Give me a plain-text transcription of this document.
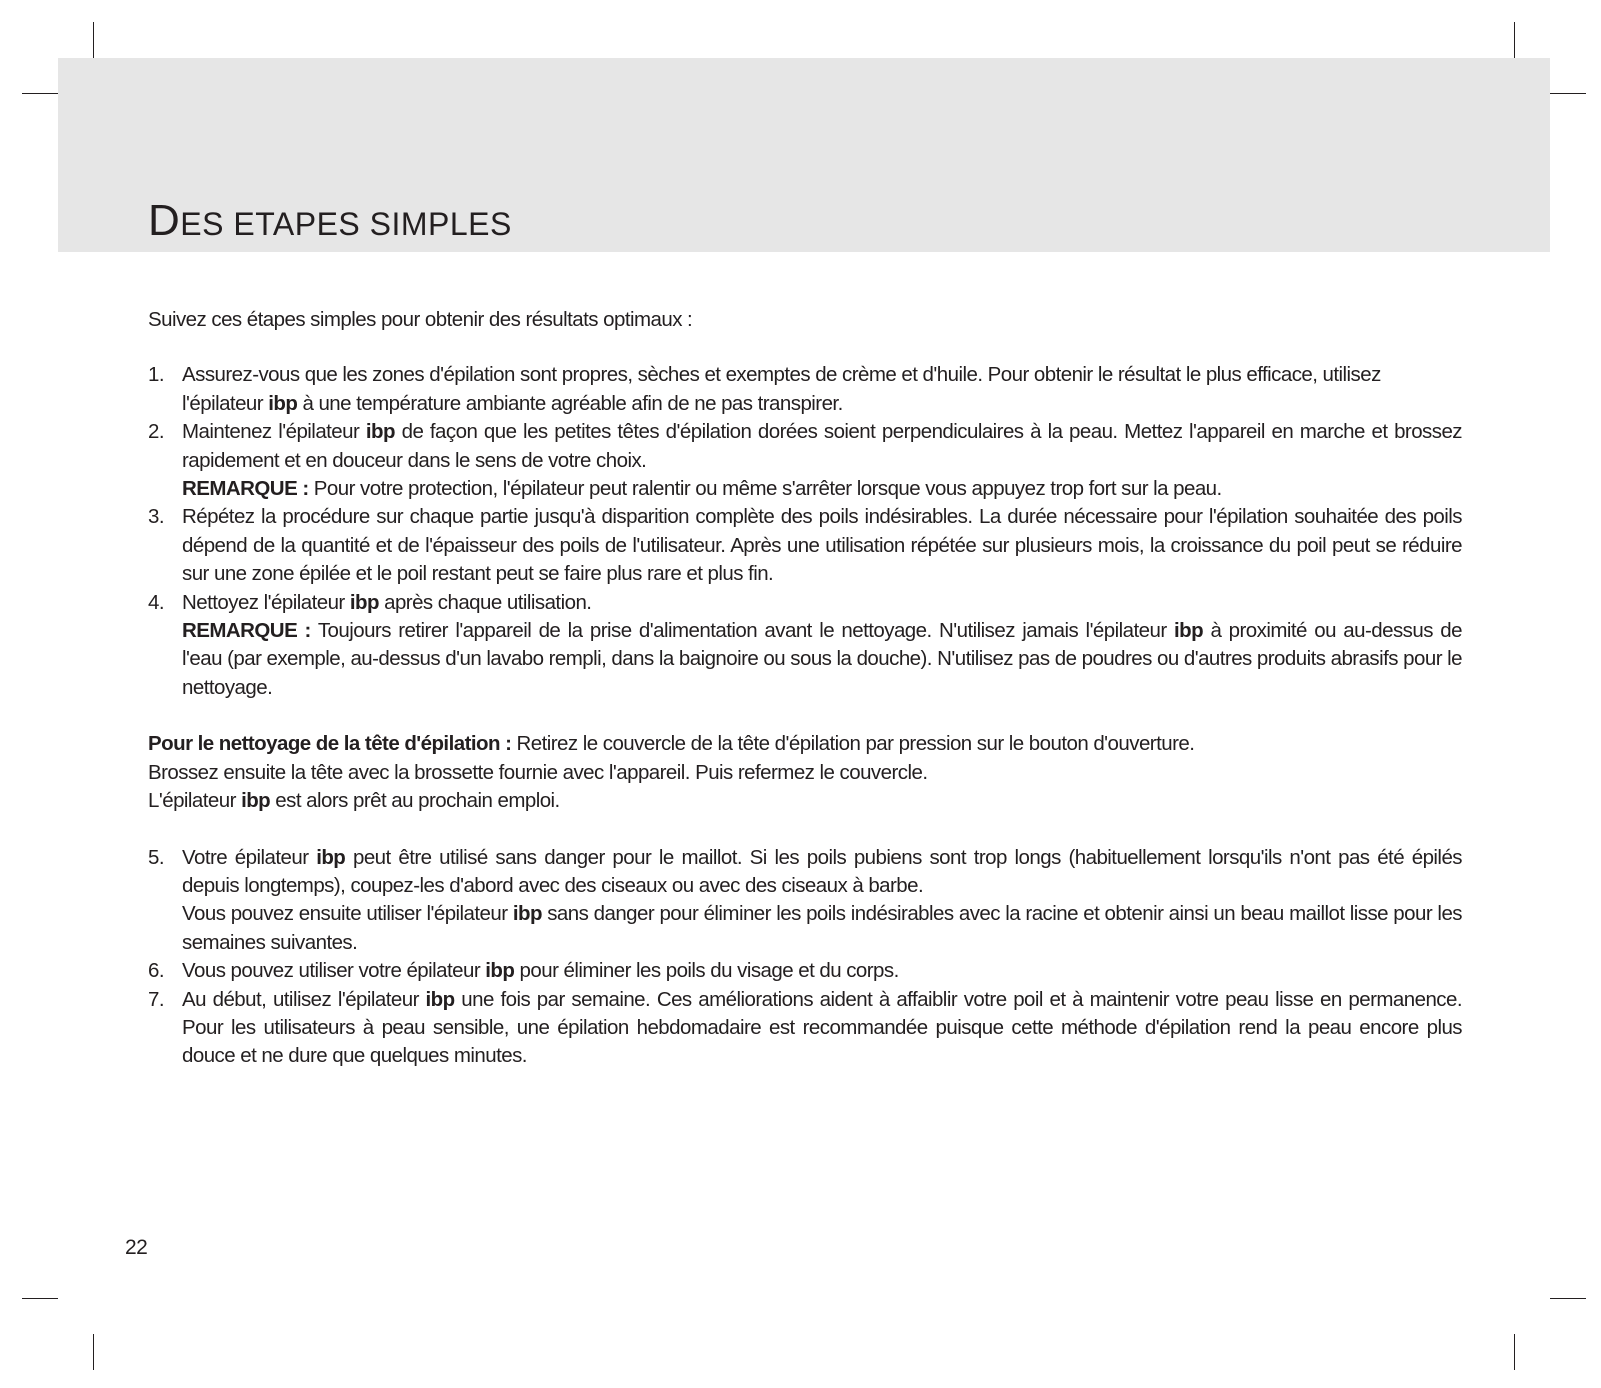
DES ETAPES SIMPLES

Suivez ces étapes simples pour obtenir des résultats optimaux :

1. Assurez-vous que les zones d'épilation sont propres, sèches et exemptes de crème et d'huile. Pour obtenir le résultat le plus efficace, utilisez l'épilateur ibp à une température ambiante agréable afin de ne pas transpirer.
2. Maintenez l'épilateur ibp de façon que les petites têtes d'épilation dorées soient perpendiculaires à la peau. Mettez l'appareil en marche et brossez rapidement et en douceur dans le sens de votre choix.
REMARQUE : Pour votre protection, l'épilateur peut ralentir ou même s'arrêter lorsque vous appuyez trop fort sur la peau.
3. Répétez la procédure sur chaque partie jusqu'à disparition complète des poils indésirables. La durée nécessaire pour l'épilation souhaitée des poils dépend de la quantité et de l'épaisseur des poils de l'utilisateur. Après une utilisation répétée sur plusieurs mois, la croissance du poil peut se réduire sur une zone épilée et le poil restant peut se faire plus rare et plus fin.
4. Nettoyez l'épilateur ibp après chaque utilisation.
REMARQUE : Toujours retirer l'appareil de la prise d'alimentation avant le nettoyage. N'utilisez jamais l'épilateur ibp à proximité ou au-dessus de l'eau (par exemple, au-dessus d'un lavabo rempli, dans la baignoire ou sous la douche). N'utilisez pas de poudres ou d'autres produits abrasifs pour le nettoyage.

Pour le nettoyage de la tête d'épilation : Retirez le couvercle de la tête d'épilation par pression sur le bouton d'ouverture.

Brossez ensuite la tête avec la brossette fournie avec l'appareil. Puis refermez le couvercle.

L'épilateur ibp est alors prêt au prochain emploi.

5. Votre épilateur ibp peut être utilisé sans danger pour le maillot. Si les poils pubiens sont trop longs (habituellement lorsqu'ils n'ont pas été épilés depuis longtemps), coupez-les d'abord avec des ciseaux ou avec des ciseaux à barbe.
Vous pouvez ensuite utiliser l'épilateur ibp sans danger pour éliminer les poils indésirables avec la racine et obtenir ainsi un beau maillot lisse pour les semaines suivantes.
6. Vous pouvez utiliser votre épilateur ibp pour éliminer les poils du visage et du corps.
7. Au début, utilisez l'épilateur ibp une fois par semaine. Ces améliorations aident à affaiblir votre poil et à maintenir votre peau lisse en permanence. Pour les utilisateurs à peau sensible, une épilation hebdomadaire est recommandée puisque cette méthode d'épilation rend la peau encore plus douce et ne dure que quelques minutes.
22
